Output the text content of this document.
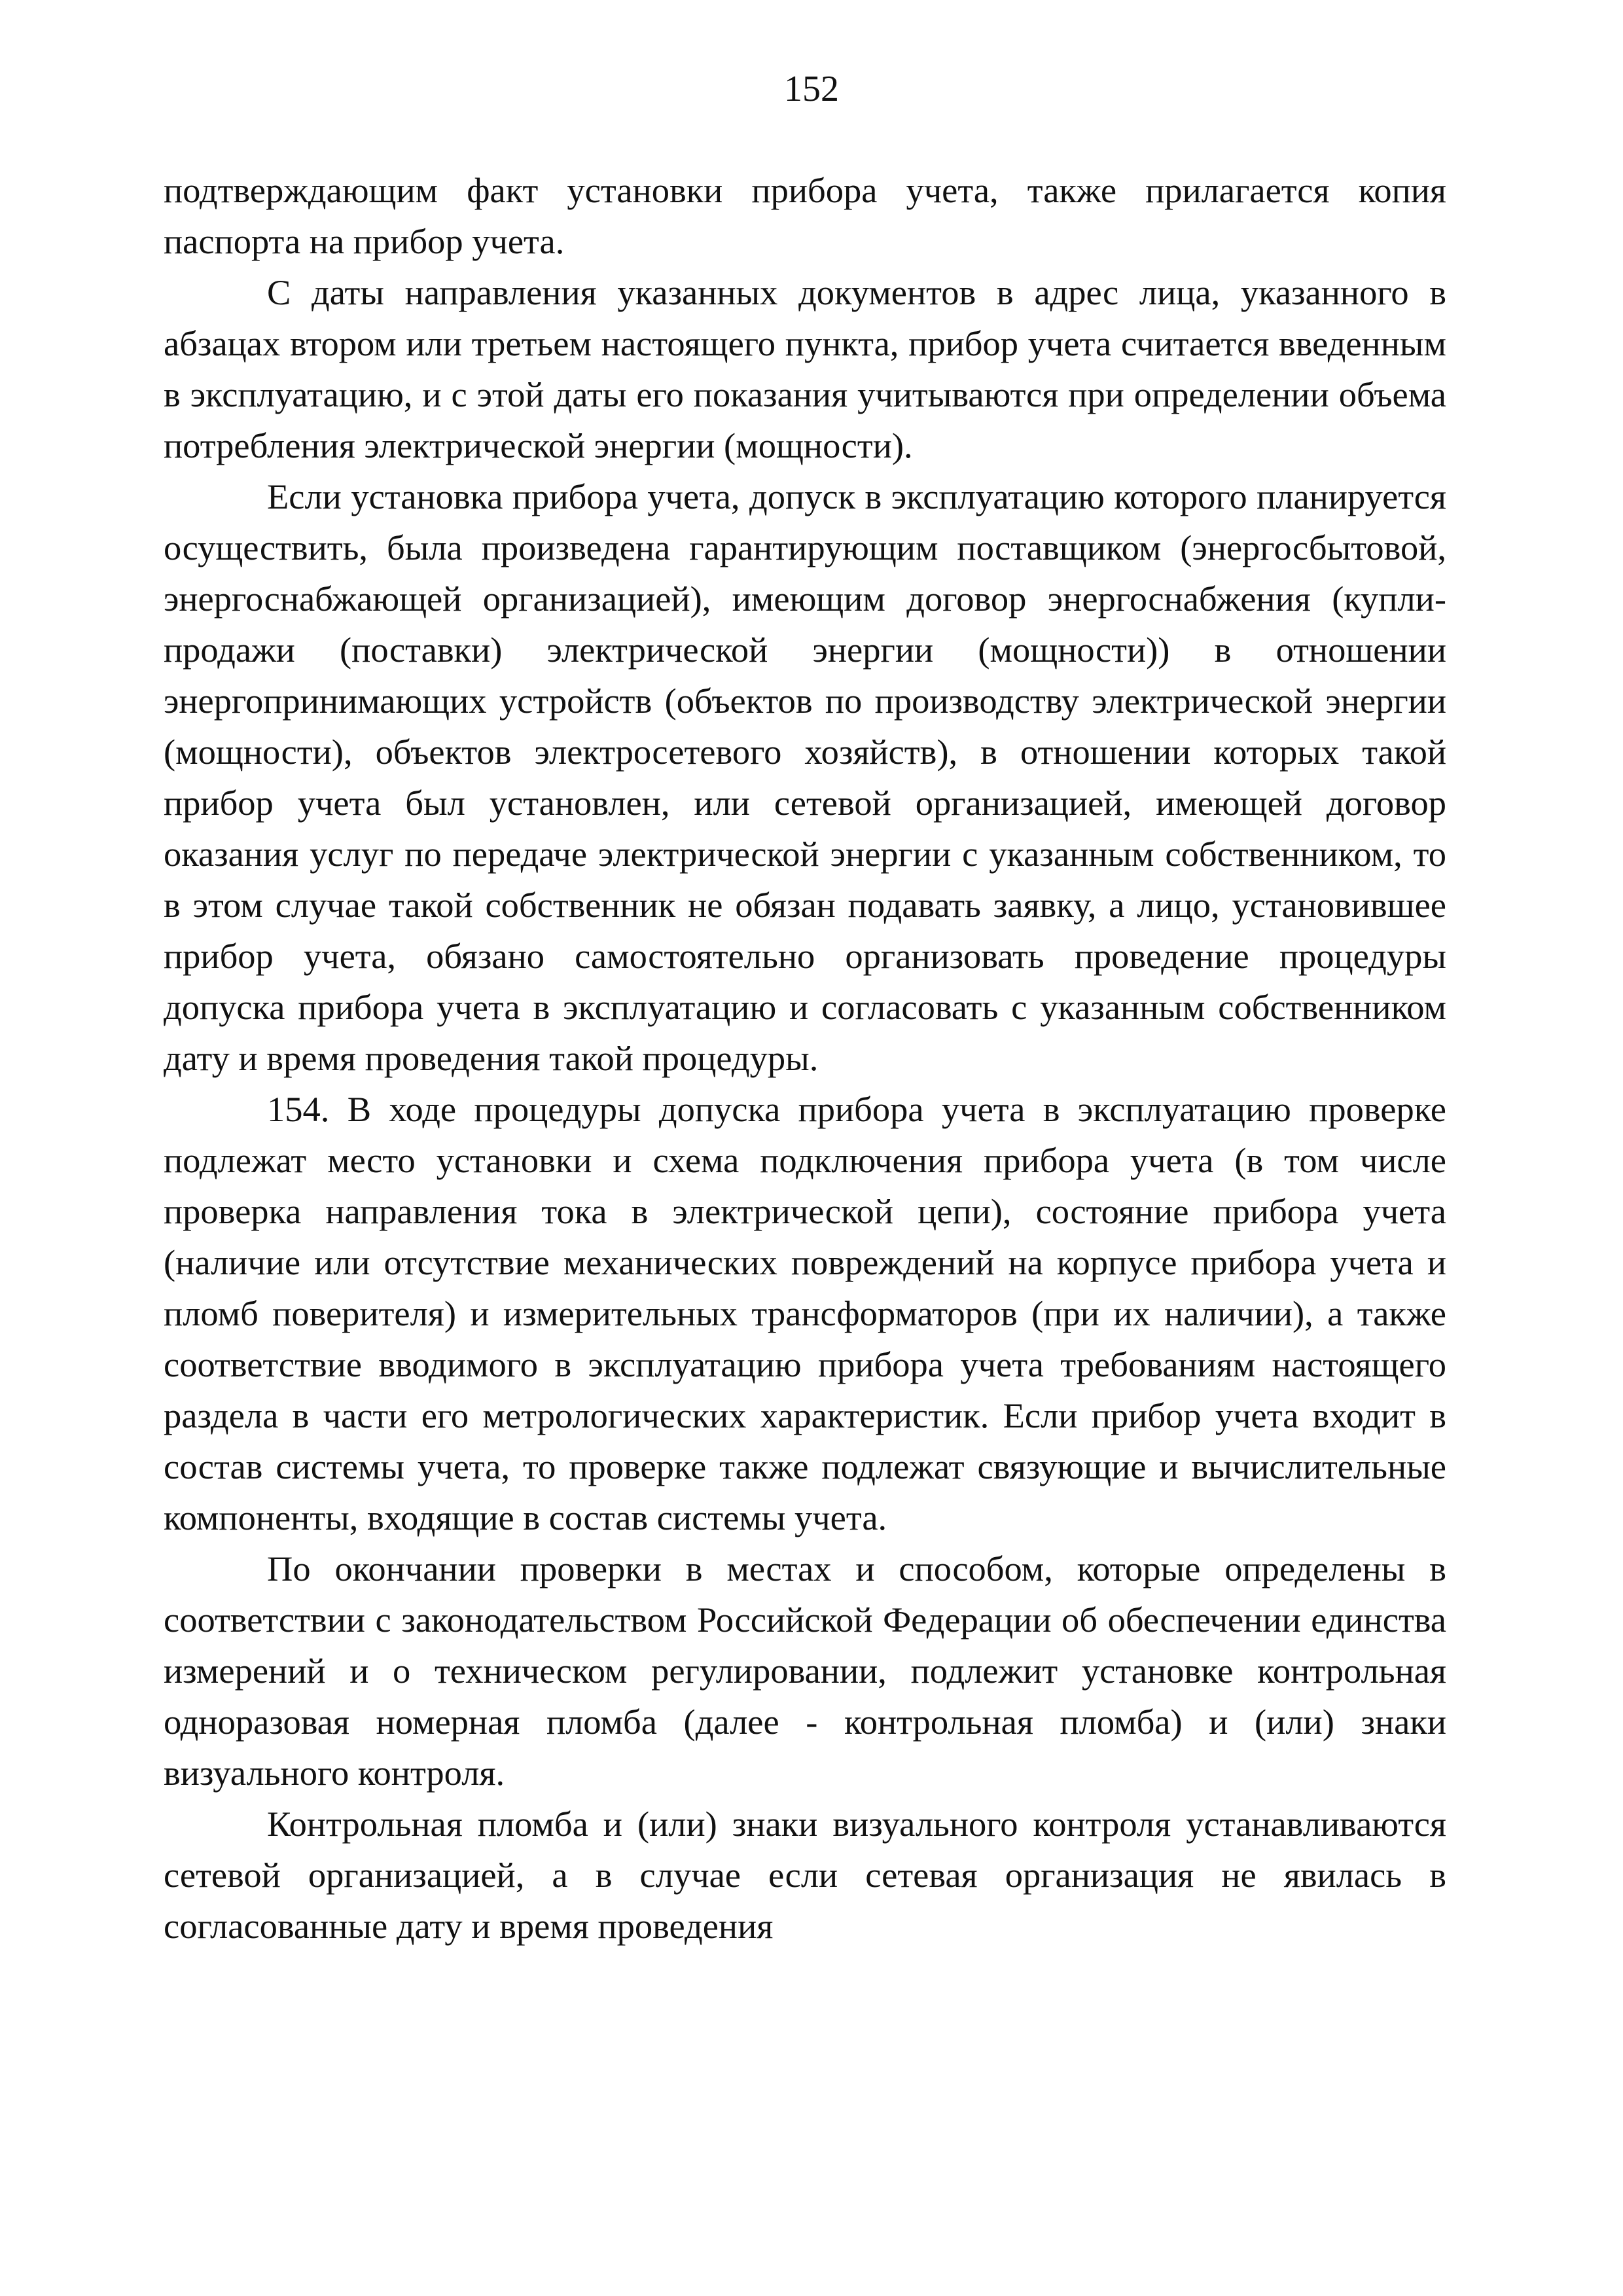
152

подтверждающим факт установки прибора учета, также прилагается копия паспорта на прибор учета.

С даты направления указанных документов в адрес лица, указанного в абзацах втором или третьем настоящего пункта, прибор учета считается введенным в эксплуатацию, и с этой даты его показания учитываются при определении объема потребления электрической энергии (мощности).

Если установка прибора учета, допуск в эксплуатацию которого планируется осуществить, была произведена гарантирующим поставщиком (энергосбытовой, энергоснабжающей организацией), имеющим договор энергоснабжения (купли-продажи (поставки) электрической энергии (мощности)) в отношении энергопринимающих устройств (объектов по производству электрической энергии (мощности), объектов электросетевого хозяйств), в отношении которых такой прибор учета был установлен, или сетевой организацией, имеющей договор оказания услуг по передаче электрической энергии с указанным собственником, то в этом случае такой собственник не обязан подавать заявку, а лицо, установившее прибор учета, обязано самостоятельно организовать проведение процедуры допуска прибора учета в эксплуатацию и согласовать с указанным собственником дату и время проведения такой процедуры.

154. В ходе процедуры допуска прибора учета в эксплуатацию проверке подлежат место установки и схема подключения прибора учета (в том числе проверка направления тока в электрической цепи), состояние прибора учета (наличие или отсутствие механических повреждений на корпусе прибора учета и пломб поверителя) и измерительных трансформаторов (при их наличии), а также соответствие вводимого в эксплуатацию прибора учета требованиям настоящего раздела в части его метрологических характеристик. Если прибор учета входит в состав системы учета, то проверке также подлежат связующие и вычислительные компоненты, входящие в состав системы учета.

По окончании проверки в местах и способом, которые определены в соответствии с законодательством Российской Федерации об обеспечении единства измерений и о техническом регулировании, подлежит установке контрольная одноразовая номерная пломба (далее - контрольная пломба) и (или) знаки визуального контроля.

Контрольная пломба и (или) знаки визуального контроля устанавливаются сетевой организацией, а в случае если сетевая организация не явилась в согласованные дату и время проведения
